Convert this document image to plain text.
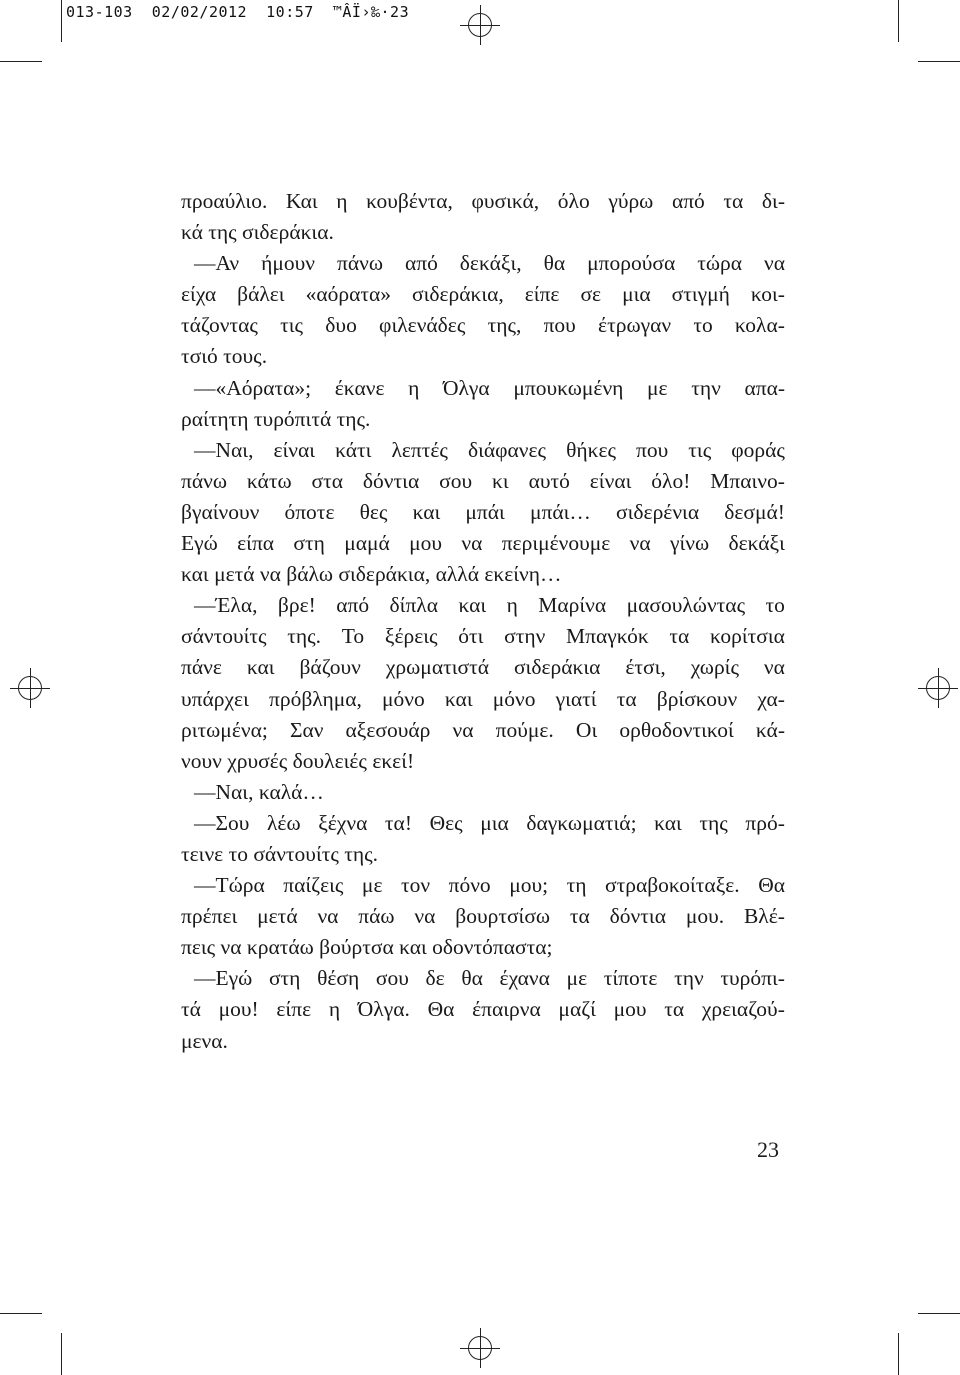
013-103  02/02/2012  10:57  ™ÂÏ›‰·23
προαύλιο. Και η κουβέντα, φυσικά, όλο γύρω από τα δι-
κά της σιδεράκια.
—Αν ήμουν πάνω από δεκάξι, θα μπορούσα τώρα να
είχα βάλει «αόρατα» σιδεράκια, είπε σε μια στιγμή κοι-
τάζοντας τις δυο φιλενάδες της, που έτρωγαν το κολα-
τσιό τους.
—«Αόρατα»; έκανε η Όλγα μπουκωμένη με την απα-
ραίτητη τυρόπιτά της.
—Ναι, είναι κάτι λεπτές διάφανες θήκες που τις φοράς
πάνω κάτω στα δόντια σου κι αυτό είναι όλο! Μπαινο-
βγαίνουν όποτε θες και μπάι μπάι… σιδερένια δεσμά!
Εγώ είπα στη μαμά μου να περιμένουμε να γίνω δεκάξι
και μετά να βάλω σιδεράκια, αλλά εκείνη…
—Έλα, βρε! από δίπλα και η Μαρίνα μασουλώντας το
σάντουίτς της. Το ξέρεις ότι στην Μπαγκόκ τα κορίτσια
πάνε και βάζουν χρωματιστά σιδεράκια έτσι, χωρίς να
υπάρχει πρόβλημα, μόνο και μόνο γιατί τα βρίσκουν χα-
ριτωμένα; Σαν αξεσουάρ να πούμε. Οι ορθοδοντικοί κά-
νουν χρυσές δουλειές εκεί!
—Ναι, καλά…
—Σου λέω ξέχνα τα! Θες μια δαγκωματιά; και της πρό-
τεινε το σάντουίτς της.
—Τώρα παίζεις με τον πόνο μου; τη στραβοκοίταξε. Θα
πρέπει μετά να πάω να βουρτσίσω τα δόντια μου. Βλέ-
πεις να κρατάω βούρτσα και οδοντόπαστα;
—Εγώ στη θέση σου δε θα έχανα με τίποτε την τυρόπι-
τά μου! είπε η Όλγα. Θα έπαιρνα μαζί μου τα χρειαζού-
μενα.
23
